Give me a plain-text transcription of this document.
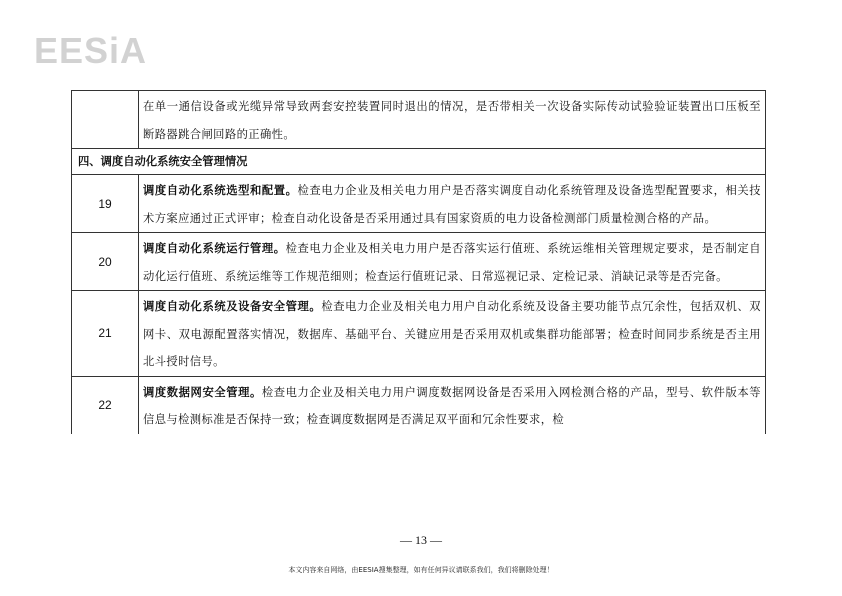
EESiA
在单一通信设备或光缆异常导致两套安控装置同时退出的情况，是否带相关一次设备实际传动试验验证装置出口压板至断路器跳合闸回路的正确性。
四、调度自动化系统安全管理情况
19
调度自动化系统选型和配置。检查电力企业及相关电力用户是否落实调度自动化系统管理及设备选型配置要求，相关技术方案应通过正式评审；检查自动化设备是否采用通过具有国家资质的电力设备检测部门质量检测合格的产品。
20
调度自动化系统运行管理。检查电力企业及相关电力用户是否落实运行值班、系统运维相关管理规定要求，是否制定自动化运行值班、系统运维等工作规范细则；检查运行值班记录、日常巡视记录、定检记录、消缺记录等是否完备。
21
调度自动化系统及设备安全管理。检查电力企业及相关电力用户自动化系统及设备主要功能节点冗余性，包括双机、双网卡、双电源配置落实情况，数据库、基础平台、关键应用是否采用双机或集群功能部署；检查时间同步系统是否主用北斗授时信号。
22
调度数据网安全管理。检查电力企业及相关电力用户调度数据网设备是否采用入网检测合格的产品，型号、软件版本等信息与检测标准是否保持一致；检查调度数据网是否满足双平面和冗余性要求，检
— 13 —
本文内容来自网络，由EESIA搜集整理，如有任何异议请联系我们，我们将删除处理！
